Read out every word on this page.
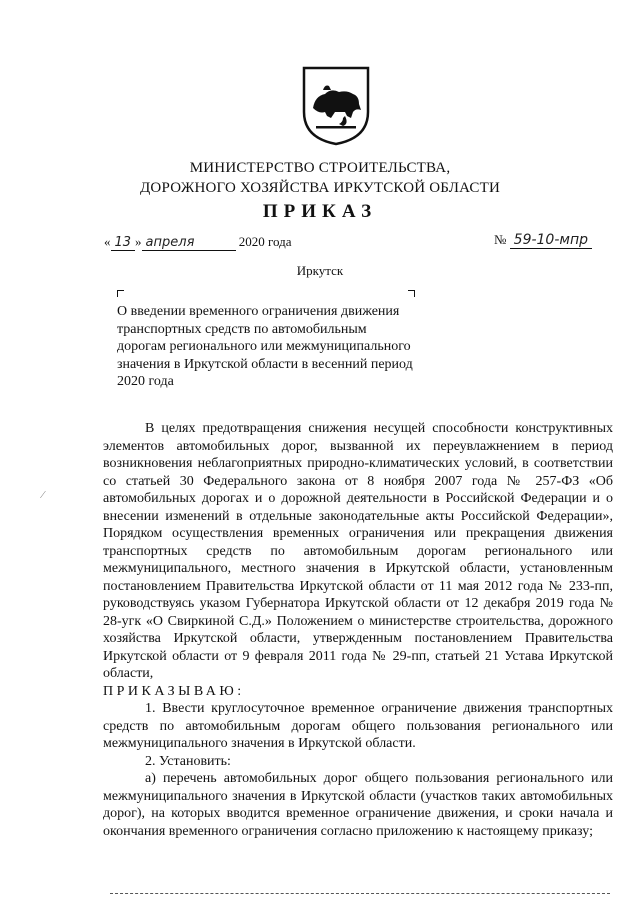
МИНИСТЕРСТВО СТРОИТЕЛЬСТВА,
ДОРОЖНОГО ХОЗЯЙСТВА ИРКУТСКОЙ ОБЛАСТИ
ПРИКАЗ
« 13 » апреля	2020 года	№ 59-10-мпр
Иркутск
О введении временного ограничения движения транспортных средств по автомобильным дорогам регионального или межмуниципального значения в Иркутской области в весенний период 2020 года
⁄

В целях предотвращения снижения несущей способности конструктивных элементов автомобильных дорог, вызванной их переувлажнением в период возникновения неблагоприятных природно-климатических условий, в соответствии со статьей 30 Федерального закона от 8 ноября 2007 года № 257-ФЗ «Об автомобильных дорогах и о дорожной деятельности в Российской Федерации и о внесении изменений в отдельные законодательные акты Российской Федерации», Порядком осуществления временных ограничения или прекращения движения транспортных средств по автомобильным дорогам регионального или межмуниципального, местного значения в Иркутской области, установленным постановлением Правительства Иркутской области от 11 мая 2012 года № 233-пп, руководствуясь указом Губернатора Иркутской области от 12 декабря 2019 года № 28-угк «О Свиркиной С.Д.» Положением о министерстве строительства, дорожного хозяйства Иркутской области, утвержденным постановлением Правительства Иркутской области от 9 февраля 2011 года № 29-пп, статьей 21 Устава Иркутской области,

ПРИКАЗЫВАЮ:

1. Ввести круглосуточное временное ограничение движения транспортных средств по автомобильным дорогам общего пользования регионального или межмуниципального значения в Иркутской области.

2. Установить:

а) перечень автомобильных дорог общего пользования регионального или межмуниципального значения в Иркутской области (участков таких автомобильных дорог), на которых вводится временное ограничение движения, и сроки начала и окончания временного ограничения согласно приложению к настоящему приказу;
